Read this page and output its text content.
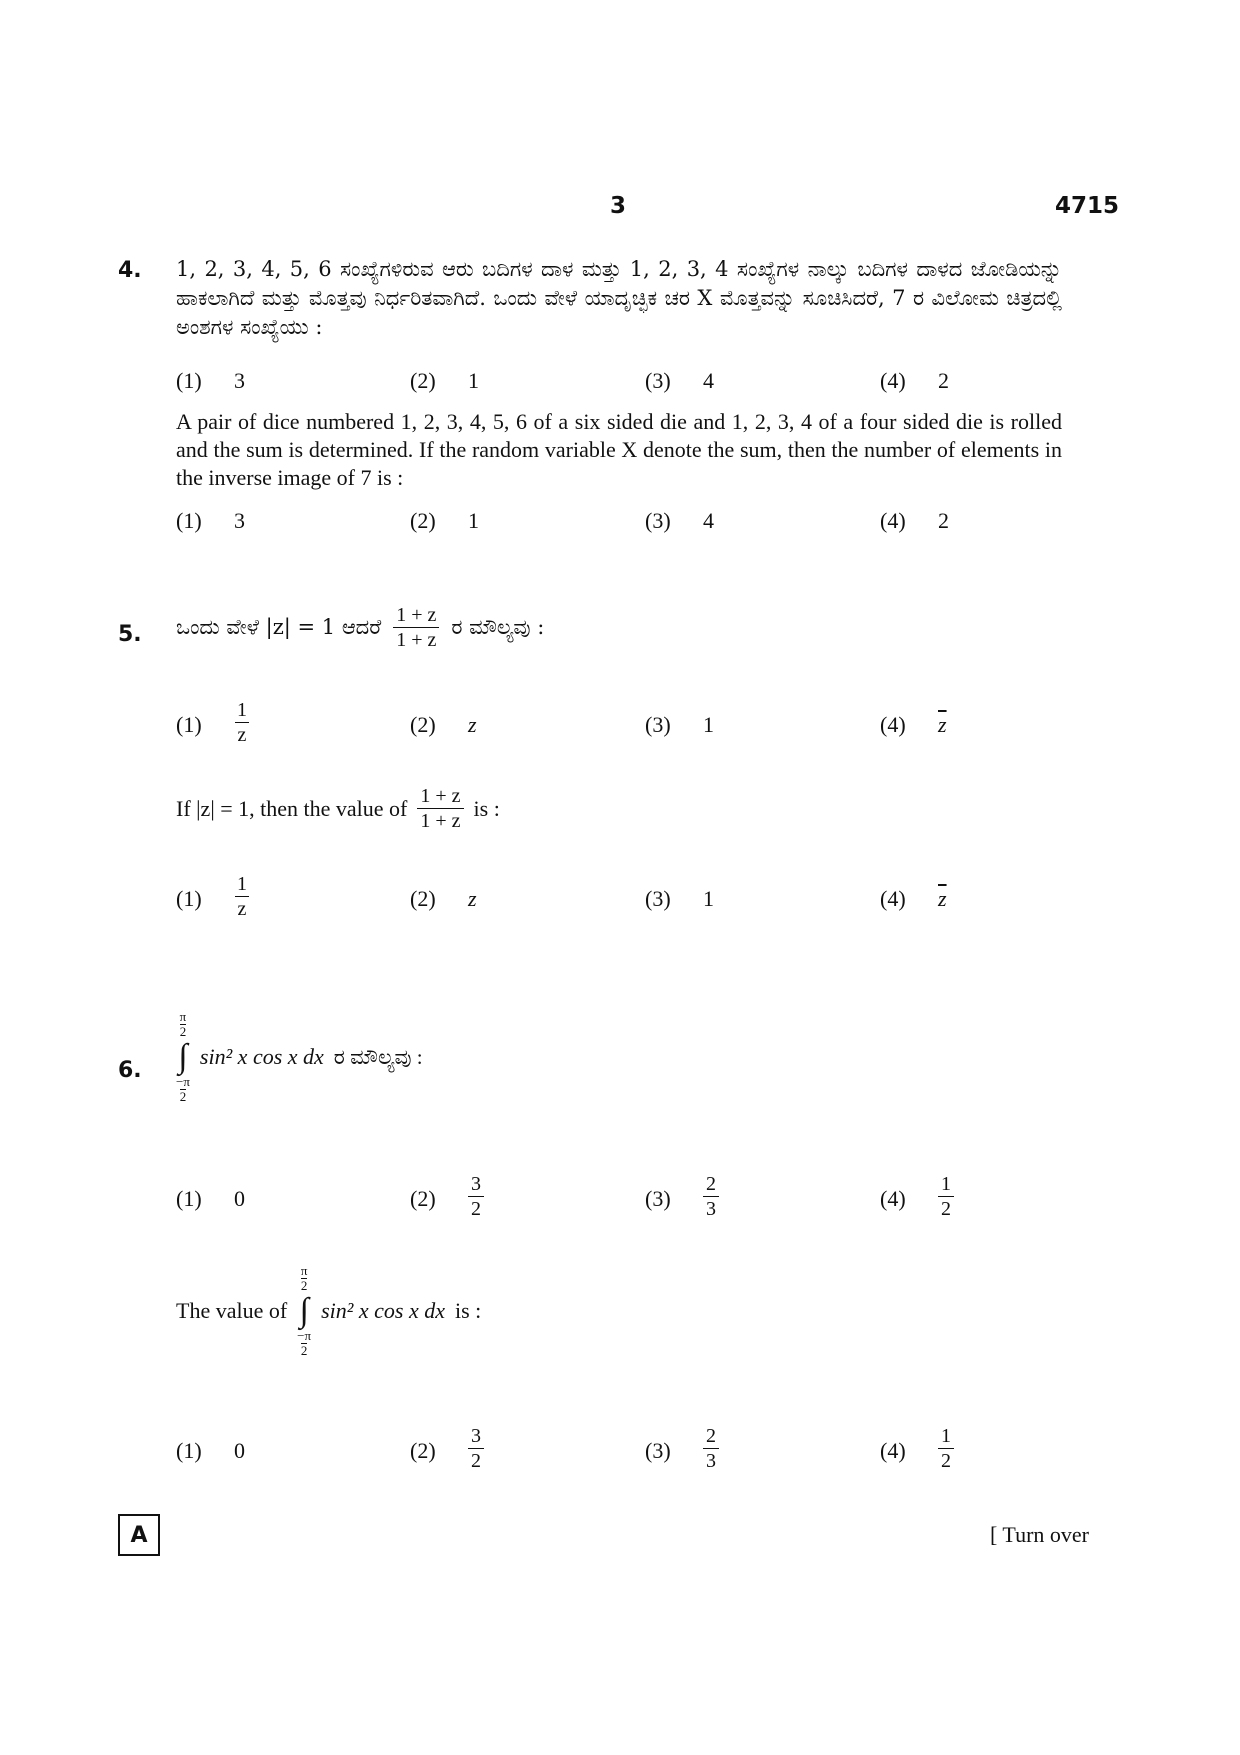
3	4715
4. 1, 2, 3, 4, 5, 6 ಸಂಖ್ಯೆಗಳಿರುವ ಆರು ಬದಿಗಳ ದಾಳ ಮತ್ತು 1, 2, 3, 4 ಸಂಖ್ಯೆಗಳ ನಾಲ್ಕು ಬದಿಗಳ ದಾಳದ ಜೋಡಿಯನ್ನು ಹಾಕಲಾಗಿದೆ ಮತ್ತು ಮೊತ್ತವು ನಿರ್ಧರಿತವಾಗಿದೆ. ಒಂದು ವೇಳೆ ಯಾದೃಚ್ಛಿಕ ಚರ X ಮೊತ್ತವನ್ನು ಸೂಚಿಸಿದರೆ, 7 ರ ವಿಲೋಮ ಚಿತ್ರದಲ್ಲಿ ಅಂಶಗಳ ಸಂಖ್ಯೆಯು :
(1) 3	(2) 1	(3) 4	(4) 2
A pair of dice numbered 1, 2, 3, 4, 5, 6 of a six sided die and 1, 2, 3, 4 of a four sided die is rolled and the sum is determined. If the random variable X denote the sum, then the number of elements in the inverse image of 7 is :
(1) 3	(2) 1	(3) 4	(4) 2
5. ಒಂದು ವೇಳೆ |z| = 1 ಆದರೆ $\frac{1 + z}{1 + z}$ ರ ಮೌಲ್ಯವು :
$(1) \frac{1}{z}$	(2) z	(3) 1	(4) $\overline{z}$
If |z| = 1, then the value of $\frac{1 + z}{1 + z}$ is :
$(1) \frac{1}{z}$	(2) z	(3) 1	(4) $\overline{z}$
6.
π
2
∫
−π
2
sin² x cos x dx ರ ಮೌಲ್ಯವು :
(1) 0	$(2) \frac{3}{2}$	$(3) \frac{2}{3}$	$(4) \frac{1}{2}$
The value of
π
2
∫
−π
2
sin² x cos x dx is :
(1) 0	$(2) \frac{3}{2}$	$(3) \frac{2}{3}$	$(4) \frac{1}{2}$
A	[ Turn over
